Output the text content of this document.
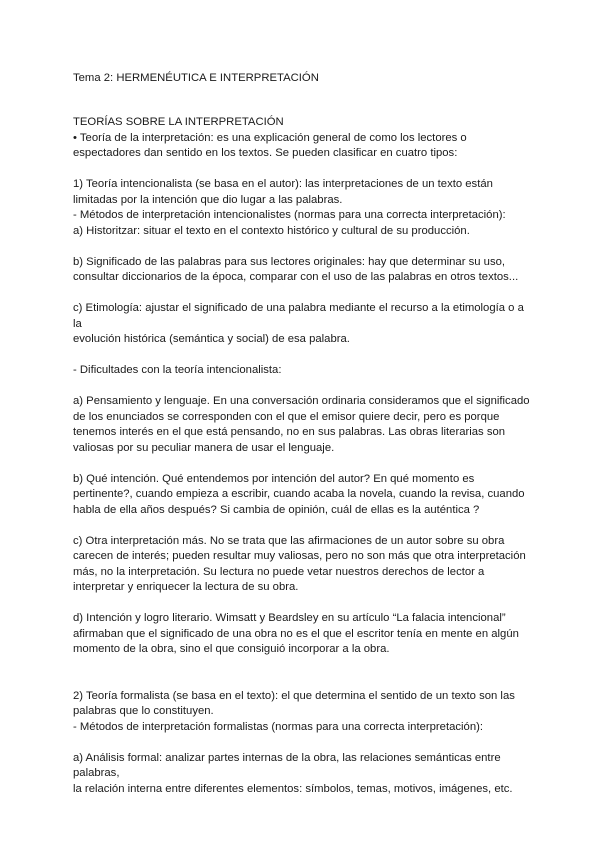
Tema 2: HERMENÉUTICA E INTERPRETACIÓN

TEORÍAS SOBRE LA INTERPRETACIÓN

• Teoría de la interpretación: es una explicación general de como los lectores o

espectadores dan sentido en los textos. Se pueden clasificar en cuatro tipos:

1) Teoría intencionalista (se basa en el autor): las interpretaciones de un texto están

limitadas por la intención que dio lugar a las palabras.

- Métodos de interpretación intencionalistes (normas para una correcta interpretación):

a) Historitzar: situar el texto en el contexto histórico y cultural de su producción.

b) Significado de las palabras para sus lectores originales: hay que determinar su uso,

consultar diccionarios de la época, comparar con el uso de las palabras en otros textos...

c) Etimología: ajustar el significado de una palabra mediante el recurso a la etimología o a la

evolución histórica (semántica y social) de esa palabra.

- Dificultades con la teoría intencionalista:

a) Pensamiento y lenguaje. En una conversación ordinaria consideramos que el significado

de los enunciados se corresponden con el que el emisor quiere decir, pero es porque

tenemos interés en el que está pensando, no en sus palabras. Las obras literarias son

valiosas por su peculiar manera de usar el lenguaje.

b) Qué intención. Qué entendemos por intención del autor? En qué momento es

pertinente?, cuando empieza a escribir, cuando acaba la novela, cuando la revisa, cuando

habla de ella años después? Si cambia de opinión, cuál de ellas es la auténtica ?

c) Otra interpretación más. No se trata que las afirmaciones de un autor sobre su obra

carecen de interés; pueden resultar muy valiosas, pero no son más que otra interpretación

más, no la interpretación. Su lectura no puede vetar nuestros derechos de lector a

interpretar y enriquecer la lectura de su obra.

d) Intención y logro literario. Wimsatt y Beardsley en su artículo “La falacia intencional”

afirmaban que el significado de una obra no es el que el escritor tenía en mente en algún

momento de la obra, sino el que consiguió incorporar a la obra.

2) Teoría formalista (se basa en el texto): el que determina el sentido de un texto son las

palabras que lo constituyen.

- Métodos de interpretación formalistas (normas para una correcta interpretación):

a) Análisis formal: analizar partes internas de la obra, las relaciones semánticas entre

palabras,

la relación interna entre diferentes elementos: símbolos, temas, motivos, imágenes, etc.
